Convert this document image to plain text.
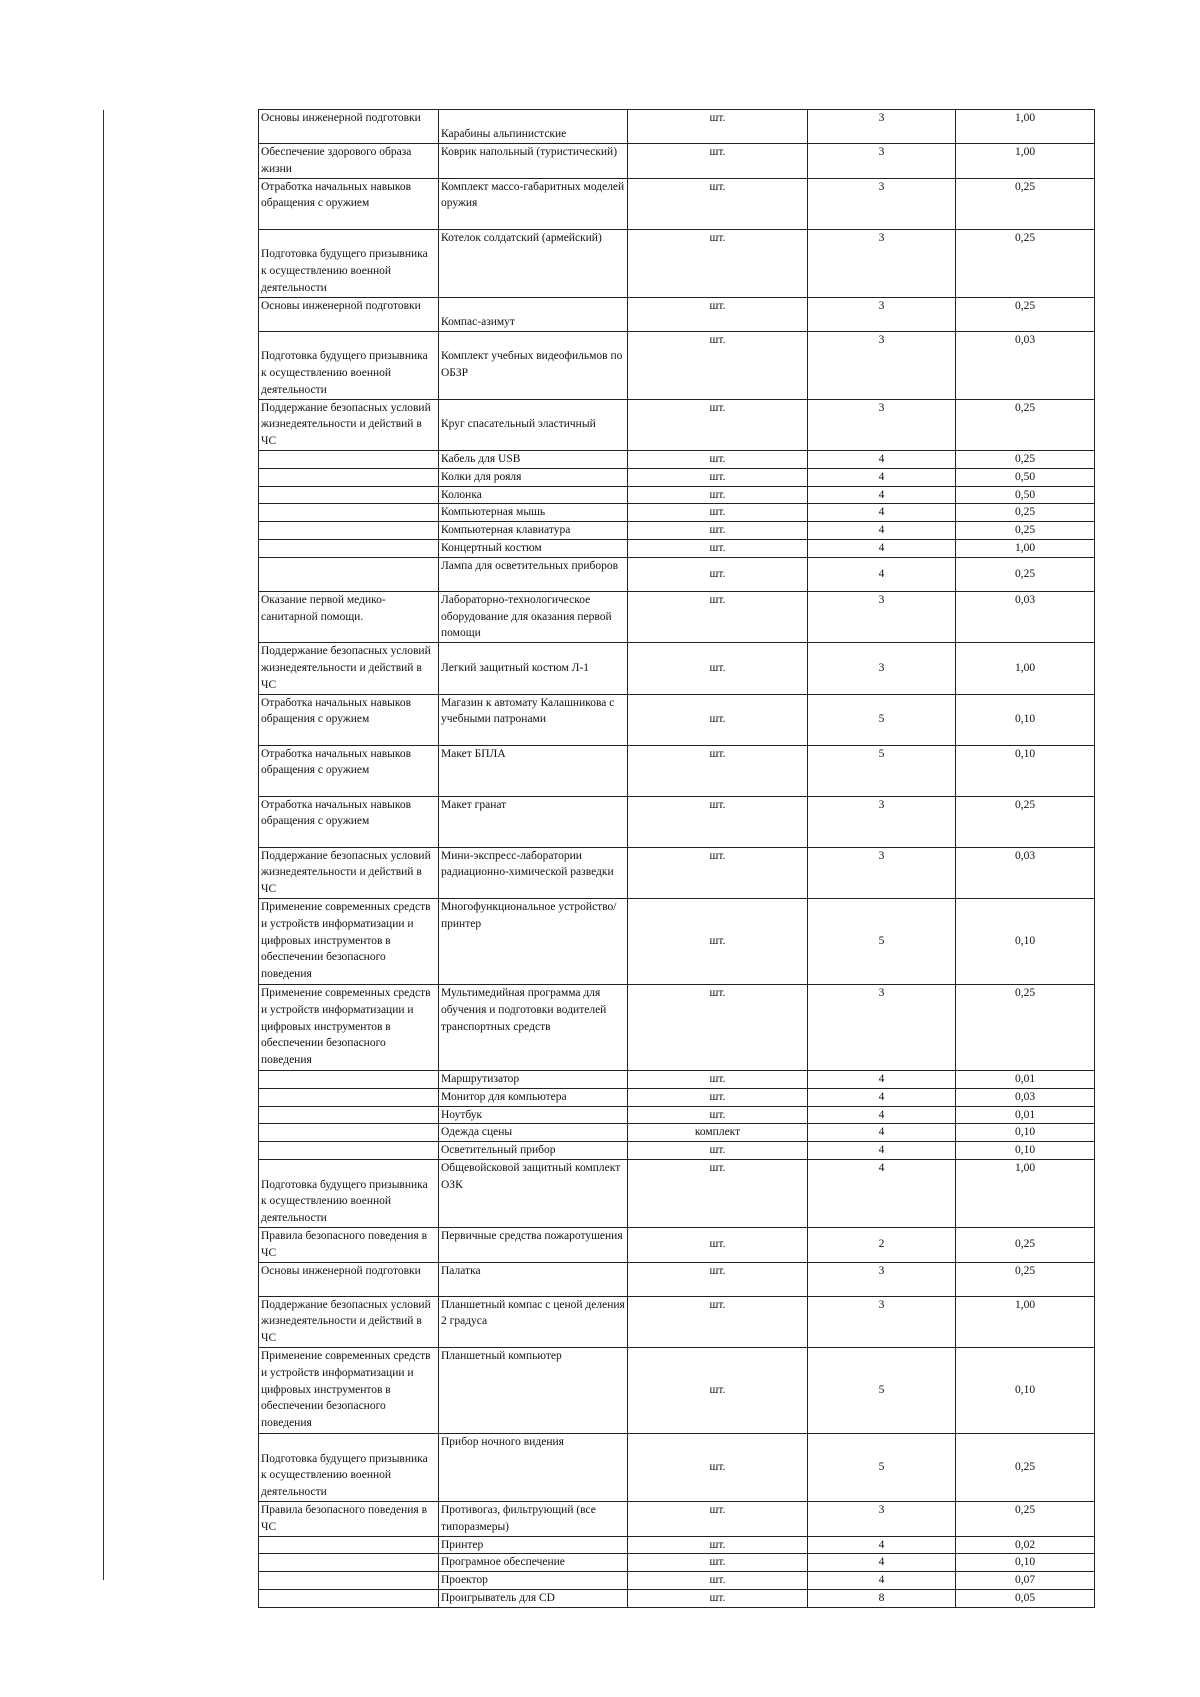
Основы инженерной подготовки	Карабины альпинистские	шт.	3	1,00
Обеспечение здорового образа жизни	Коврик напольный (туристический)	шт.	3	1,00
Отработка начальных навыков обращения с оружием	Комплект массо-габаритных моделей оружия	шт.	3	0,25
Подготовка будущего призывника к осуществлению военной деятельности	Котелок солдатский (армейский)	шт.	3	0,25
Основы инженерной подготовки	Компас-азимут	шт.	3	0,25
Подготовка будущего призывника к осуществлению военной деятельности	Комплект учебных видеофильмов по ОБЗР	шт.	3	0,03
Поддержание безопасных условий жизнедеятельности и действий в ЧС	Круг спасательный эластичный	шт.	3	0,25
	Кабель для USB	шт.	4	0,25
	Колки для рояля	шт.	4	0,50
	Колонка	шт.	4	0,50
	Компьютерная мышь	шт.	4	0,25
	Компьютерная клавиатура	шт.	4	0,25
	Концертный костюм	шт.	4	1,00
	Лампа для осветительных приборов	шт.	4	0,25
Оказание первой медико-санитарной помощи.	Лабораторно-технологическое оборудование для оказания первой помощи	шт.	3	0,03
Поддержание безопасных условий жизнедеятельности и действий в ЧС	Легкий защитный костюм Л-1	шт.	3	1,00
Отработка начальных навыков обращения с оружием	Магазин к автомату Калашникова с учебными патронами	шт.	5	0,10
Отработка начальных навыков обращения с оружием	Макет БПЛА	шт.	5	0,10
Отработка начальных навыков обращения с оружием	Макет гранат	шт.	3	0,25
Поддержание безопасных условий жизнедеятельности и действий в ЧС	Мини-экспресс-лаборатории радиационно-химической разведки	шт.	3	0,03
Применение современных средств и устройств информатизации и цифровых инструментов в обеспечении безопасного поведения	Многофункциональное устройство/принтер	шт.	5	0,10
Применение современных средств и устройств информатизации и цифровых инструментов в обеспечении безопасного поведения	Мультимедийная программа для обучения и подготовки водителей транспортных средств	шт.	3	0,25
	Маршрутизатор	шт.	4	0,01
	Монитор для компьютера	шт.	4	0,03
	Ноутбук	шт.	4	0,01
	Одежда сцены	комплект	4	0,10
	Осветительный прибор	шт.	4	0,10
Подготовка будущего призывника к осуществлению военной деятельности	Общевойсковой защитный комплект ОЗК	шт.	4	1,00
Правила безопасного поведения в ЧС	Первичные средства пожаротушения	шт.	2	0,25
Основы инженерной подготовки	Палатка	шт.	3	0,25
Поддержание безопасных условий жизнедеятельности и действий в ЧС	Планшетный компас с ценой деления 2 градуса	шт.	3	1,00
Применение современных средств и устройств информатизации и цифровых инструментов в обеспечении безопасного поведения	Планшетный компьютер	шт.	5	0,10
Подготовка будущего призывника к осуществлению военной деятельности	Прибор ночного видения	шт.	5	0,25
Правила безопасного поведения в ЧС	Противогаз, фильтрующий (все типоразмеры)	шт.	3	0,25
	Принтер	шт.	4	0,02
	Програмное обеспечение	шт.	4	0,10
	Проектор	шт.	4	0,07
	Проигрыватель для CD	шт.	8	0,05
